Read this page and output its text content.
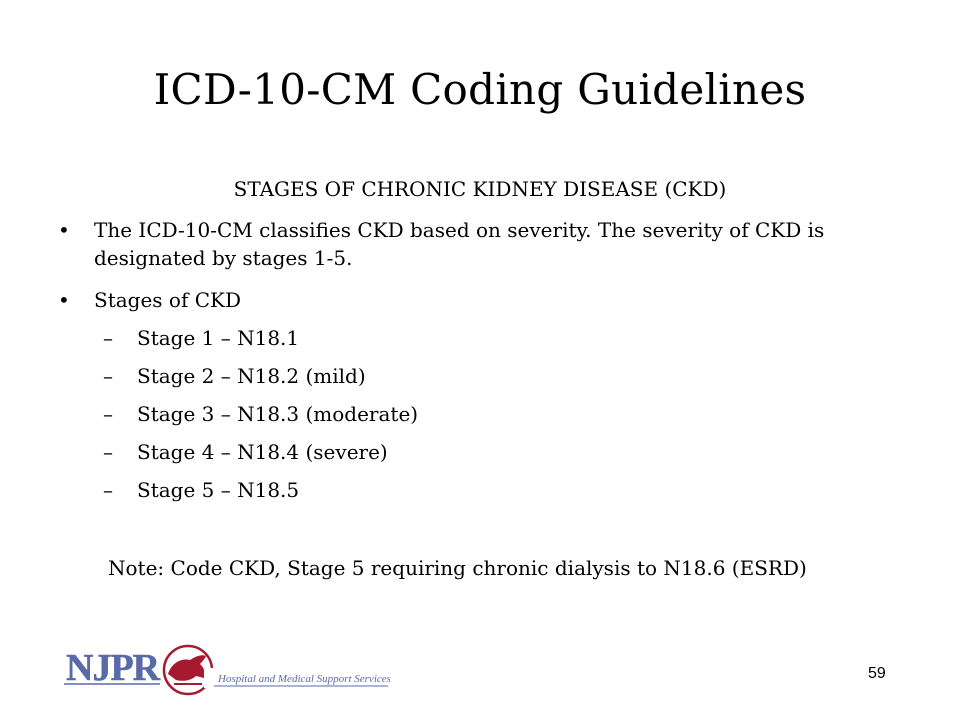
ICD-10-CM Coding Guidelines
STAGES OF CHRONIC KIDNEY DISEASE (CKD)
•	The ICD-10-CM classifies CKD based on severity. The severity of CKD is designated by stages 1-5.
•	Stages of CKD
–	Stage 1 – N18.1
–	Stage 2 – N18.2 (mild)
–	Stage 3 – N18.3 (moderate)
–	Stage 4 – N18.4 (severe)
–	Stage 5 – N18.5
Note: Code CKD, Stage 5 requiring chronic dialysis to N18.6 (ESRD)
NJPR	Hospital and Medical Support Services	59
